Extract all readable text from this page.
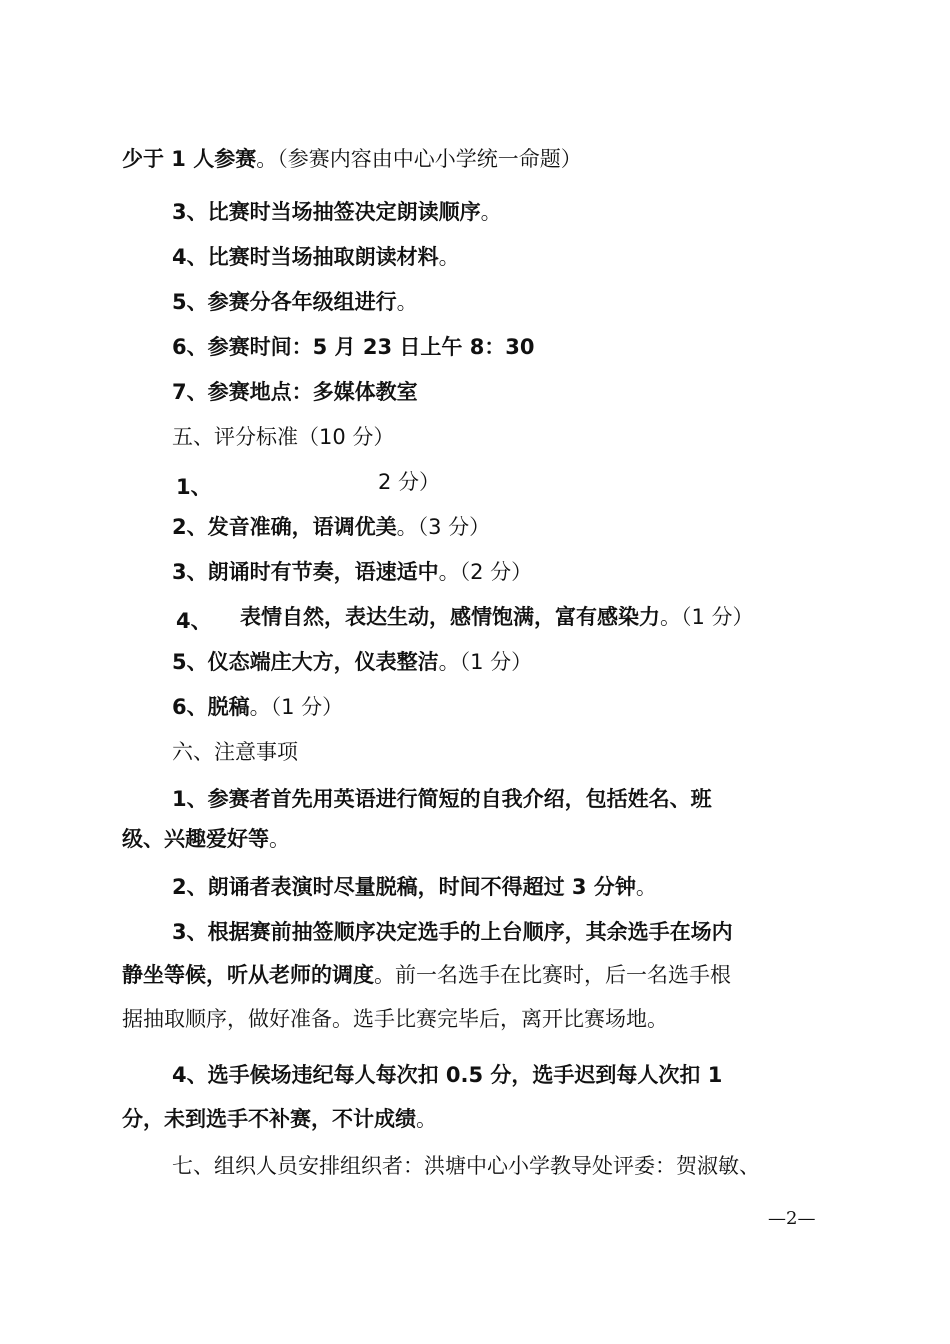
少于 1 人参赛。（参赛内容由中心小学统一命题）
3、比赛时当场抽签决定朗读顺序。
4、比赛时当场抽取朗读材料。
5、参赛分各年级组进行。
6、参赛时间：5 月 23 日上午 8：30
7、参赛地点：多媒体教室
五、评分标准（10 分）
1、	2 分）
2、发音准确，语调优美。（3 分）
3、朗诵时有节奏，语速适中。（2 分）
4、 表情自然，表达生动，感情饱满，富有感染力。（1 分）
5、仪态端庄大方，仪表整洁。（1 分）
6、脱稿。（1 分）
六、注意事项
1、参赛者首先用英语进行简短的自我介绍，包括姓名、班
级、兴趣爱好等。
2、朗诵者表演时尽量脱稿，时间不得超过 3 分钟。
3、根据赛前抽签顺序决定选手的上台顺序，其余选手在场内
静坐等候，听从老师的调度。前一名选手在比赛时，后一名选手根
据抽取顺序，做好准备。选手比赛完毕后，离开比赛场地。
4、选手候场违纪每人每次扣 0.5 分，选手迟到每人次扣 1
分，未到选手不补赛，不计成绩。
七、组织人员安排组织者：洪塘中心小学教导处评委：贺淑敏、
—2—
